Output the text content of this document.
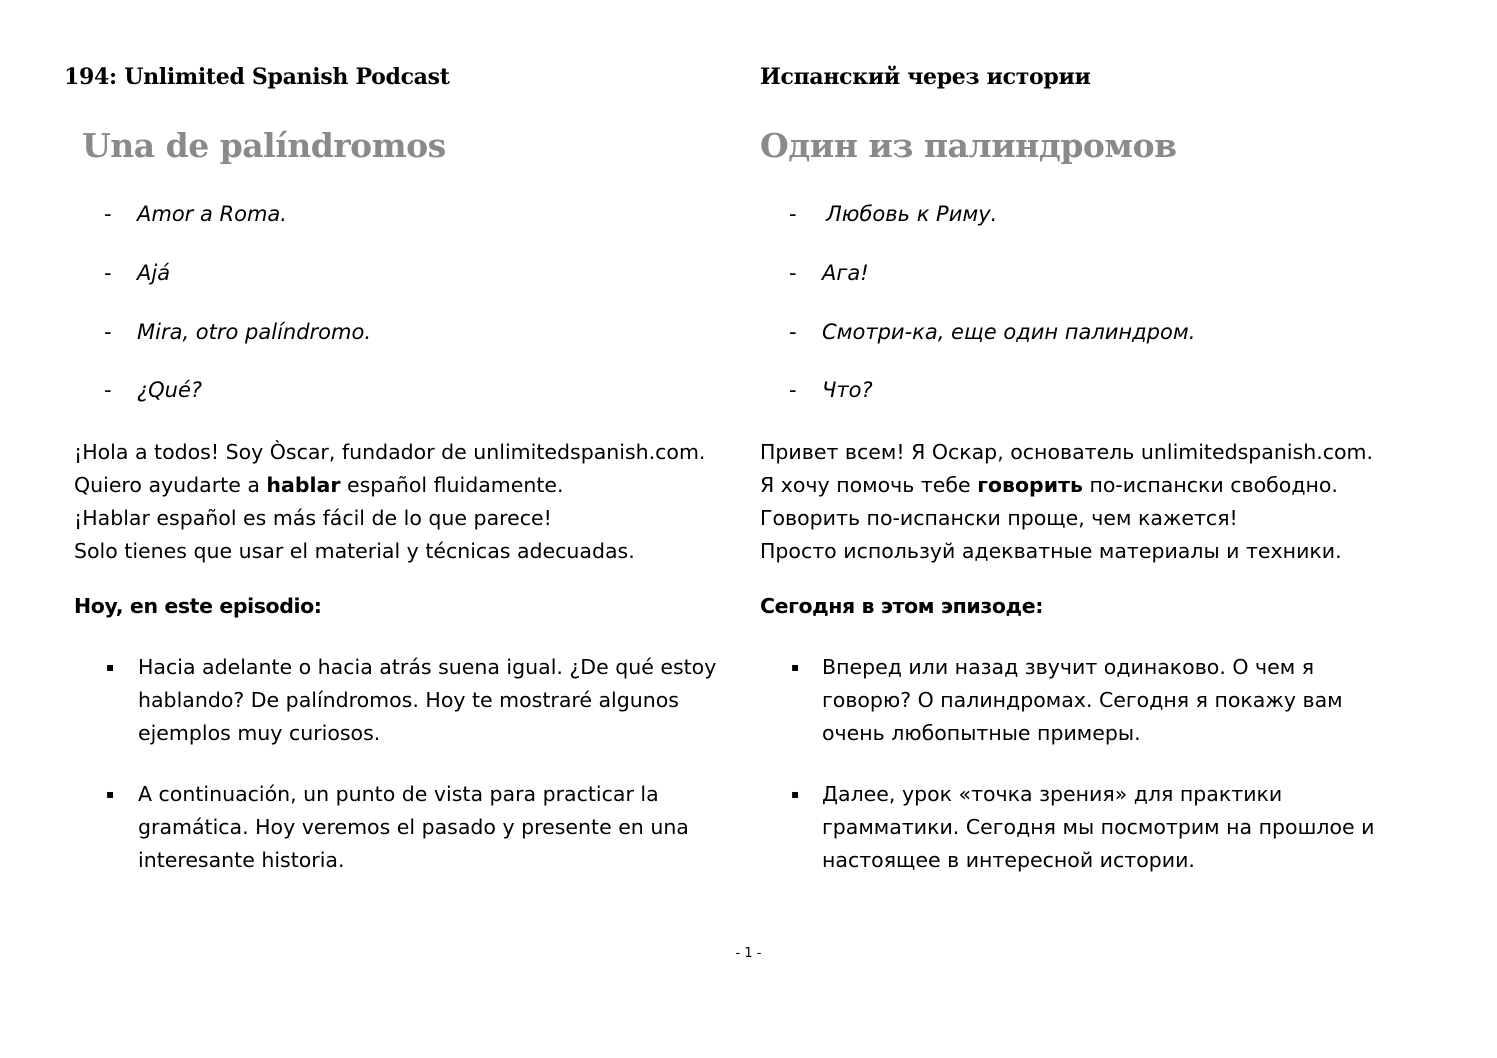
194: Unlimited Spanish Podcast
Una de palíndromos
- Amor a Roma.
- Ajá
- Mira, otro palíndromo.
- ¿Qué?
¡Hola a todos! Soy Òscar, fundador de unlimitedspanish.com.
Quiero ayudarte a hablar español fluidamente.
¡Hablar español es más fácil de lo que parece!
Solo tienes que usar el material y técnicas adecuadas.
Hoy, en este episodio:
▪ Hacia adelante o hacia atrás suena igual. ¿De qué estoy
hablando? De palíndromos. Hoy te mostraré algunos
ejemplos muy curiosos.
▪ A continuación, un punto de vista para practicar la
gramática. Hoy veremos el pasado y presente en una
interesante historia.
Испанский через истории
Один из палиндромов
- Любовь к Риму.
- Ага!
- Смотри-ка, еще один палиндром.
- Что?
Привет всем! Я Оскар, основатель unlimitedspanish.com.
Я хочу помочь тебе говорить по-испански свободно.
Говорить по-испански проще, чем кажется!
Просто используй адекватные материалы и техники.
Сегодня в этом эпизоде:
▪ Вперед или назад звучит одинаково. О чем я
говорю? О палиндромах. Сегодня я покажу вам
очень любопытные примеры.
▪ Далее, урок «точка зрения» для практики
грамматики. Сегодня мы посмотрим на прошлое и
настоящее в интересной истории.
- 1 -
